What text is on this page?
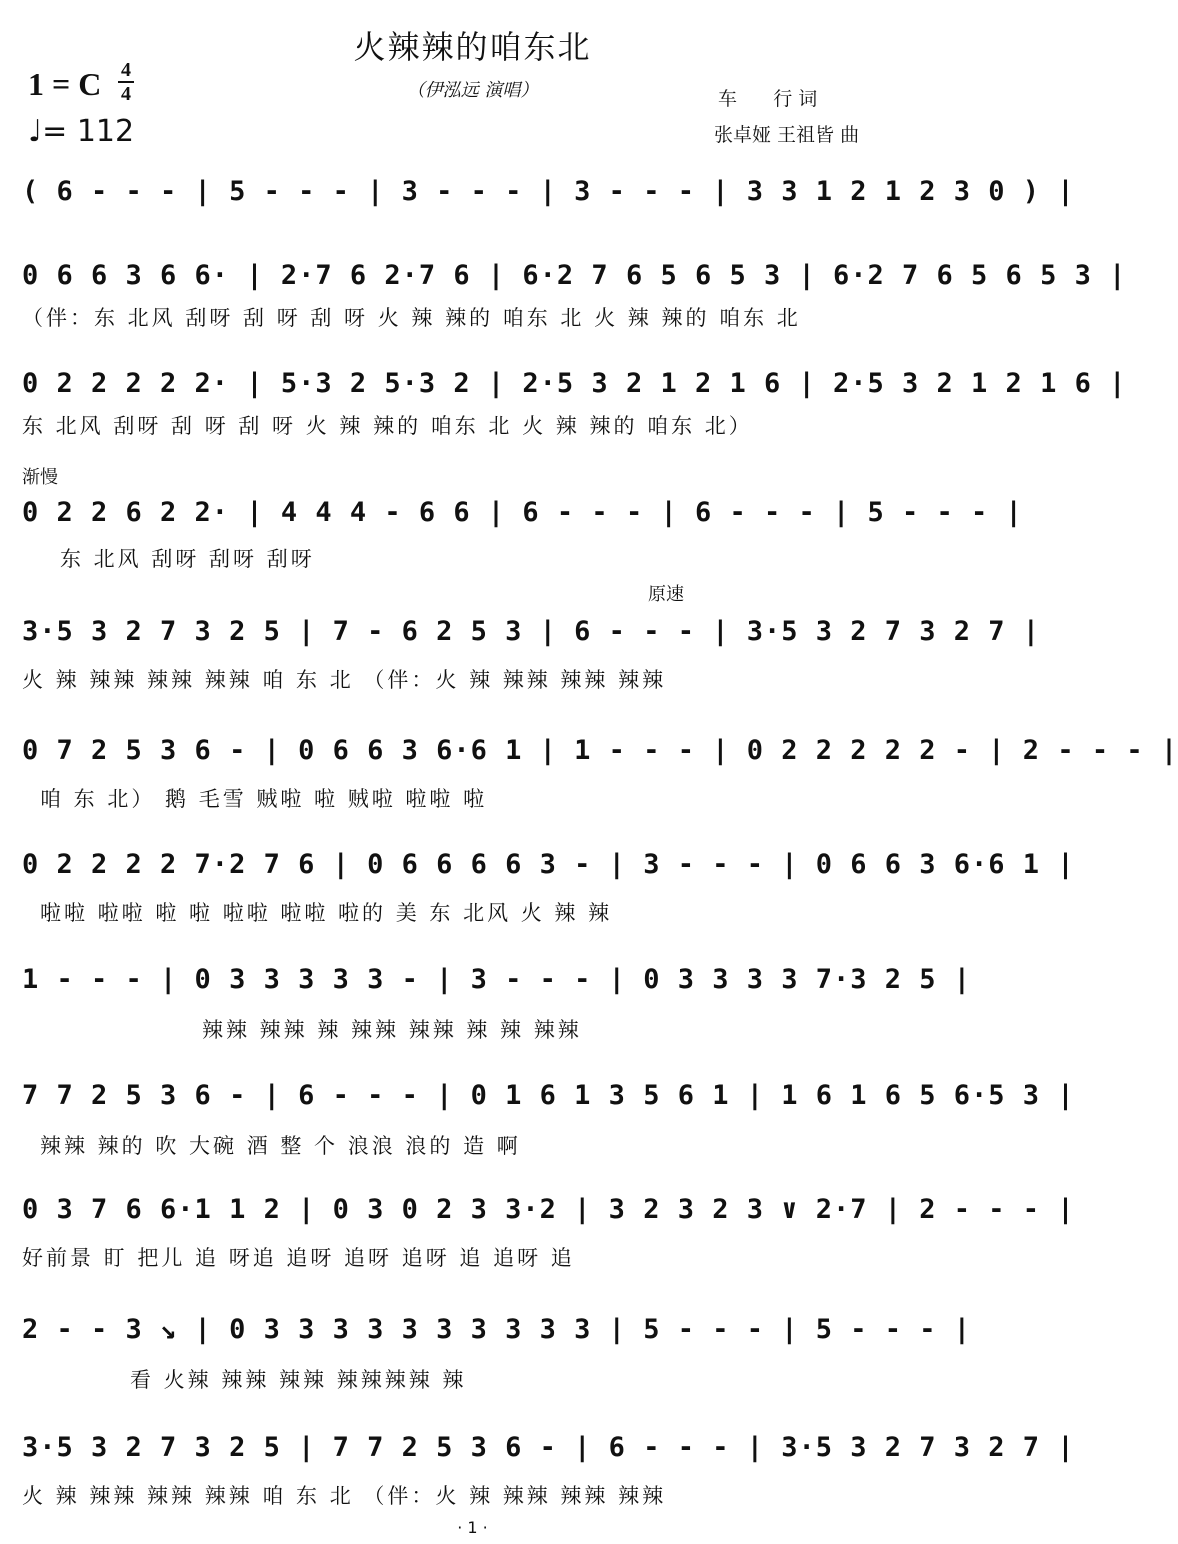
火辣辣的咱东北
（伊泓远 演唱）
1 = C 4
4
♩= 112
车      行 词
张卓娅 王祖皆 曲
( 6 - - - | 5 - - - | 3 - - - | 3 - - - | 3 3 1 2 1 2 3 0 ) |
0 6 6 3 6 6· | 2·7 6 2·7 6 | 6·2 7 6 5 6 5 3 | 6·2 7 6 5 6 5 3 |
（伴：东 北风 刮呀 刮 呀 刮 呀 火 辣 辣的 咱东 北 火 辣 辣的 咱东 北
0 2 2 2 2 2· | 5·3 2 5·3 2 | 2·5 3 2 1 2 1 6 | 2·5 3 2 1 2 1 6 |
东 北风 刮呀 刮 呀 刮 呀 火 辣 辣的 咱东 北 火 辣 辣的 咱东 北）
渐慢
0 2 2 6 2 2· | 4 4 4 - 6 6 | 6 - - - | 6 - - - | 5 - - - |
东 北风 刮呀 刮呀 刮呀
原速
3·5 3 2 7 3 2 5 | 7 - 6 2 5 3 | 6 - - - | 3·5 3 2 7 3 2 7 |
火 辣 辣辣 辣辣 辣辣 咱 东 北 （伴：火 辣 辣辣 辣辣 辣辣
0 7 2 5 3 6 - | 0 6 6 3 6·6 1 | 1 - - - | 0 2 2 2 2 2 - | 2 - - - |
咱 东 北） 鹅 毛雪 贼啦 啦 贼啦 啦啦 啦
0 2 2 2 2 7·2 7 6 | 0 6 6 6 6 3 - | 3 - - - | 0 6 6 3 6·6 1 |
啦啦 啦啦 啦 啦 啦啦 啦啦 啦的 美 东 北风 火 辣 辣
1 - - - | 0 3 3 3 3 3 - | 3 - - - | 0 3 3 3 3 7·3 2 5 |
辣辣 辣辣 辣 辣辣 辣辣 辣 辣 辣辣
7 7 2 5 3 6 - | 6 - - - | 0 1 6 1 3 5 6 1 | 1 6 1 6 5 6·5 3 |
辣辣 辣的 吹 大碗 酒 整 个 浪浪 浪的 造 啊
0 3 7 6 6·1 1 2 | 0 3 0 2 3 3·2 | 3 2 3 2 3 ∨ 2·7 | 2 - - - |
好前景 盯 把儿 追 呀追 追呀 追呀 追呀 追 追呀 追
2 - - 3 ↘ | 0 3 3 3 3 3 3 3 3 3 3 | 5 - - - | 5 - - - |
看 火辣 辣辣 辣辣 辣辣辣辣 辣
3·5 3 2 7 3 2 5 | 7 7 2 5 3 6 - | 6 - - - | 3·5 3 2 7 3 2 7 |
火 辣 辣辣 辣辣 辣辣 咱 东 北 （伴：火 辣 辣辣 辣辣 辣辣
· 1 ·
